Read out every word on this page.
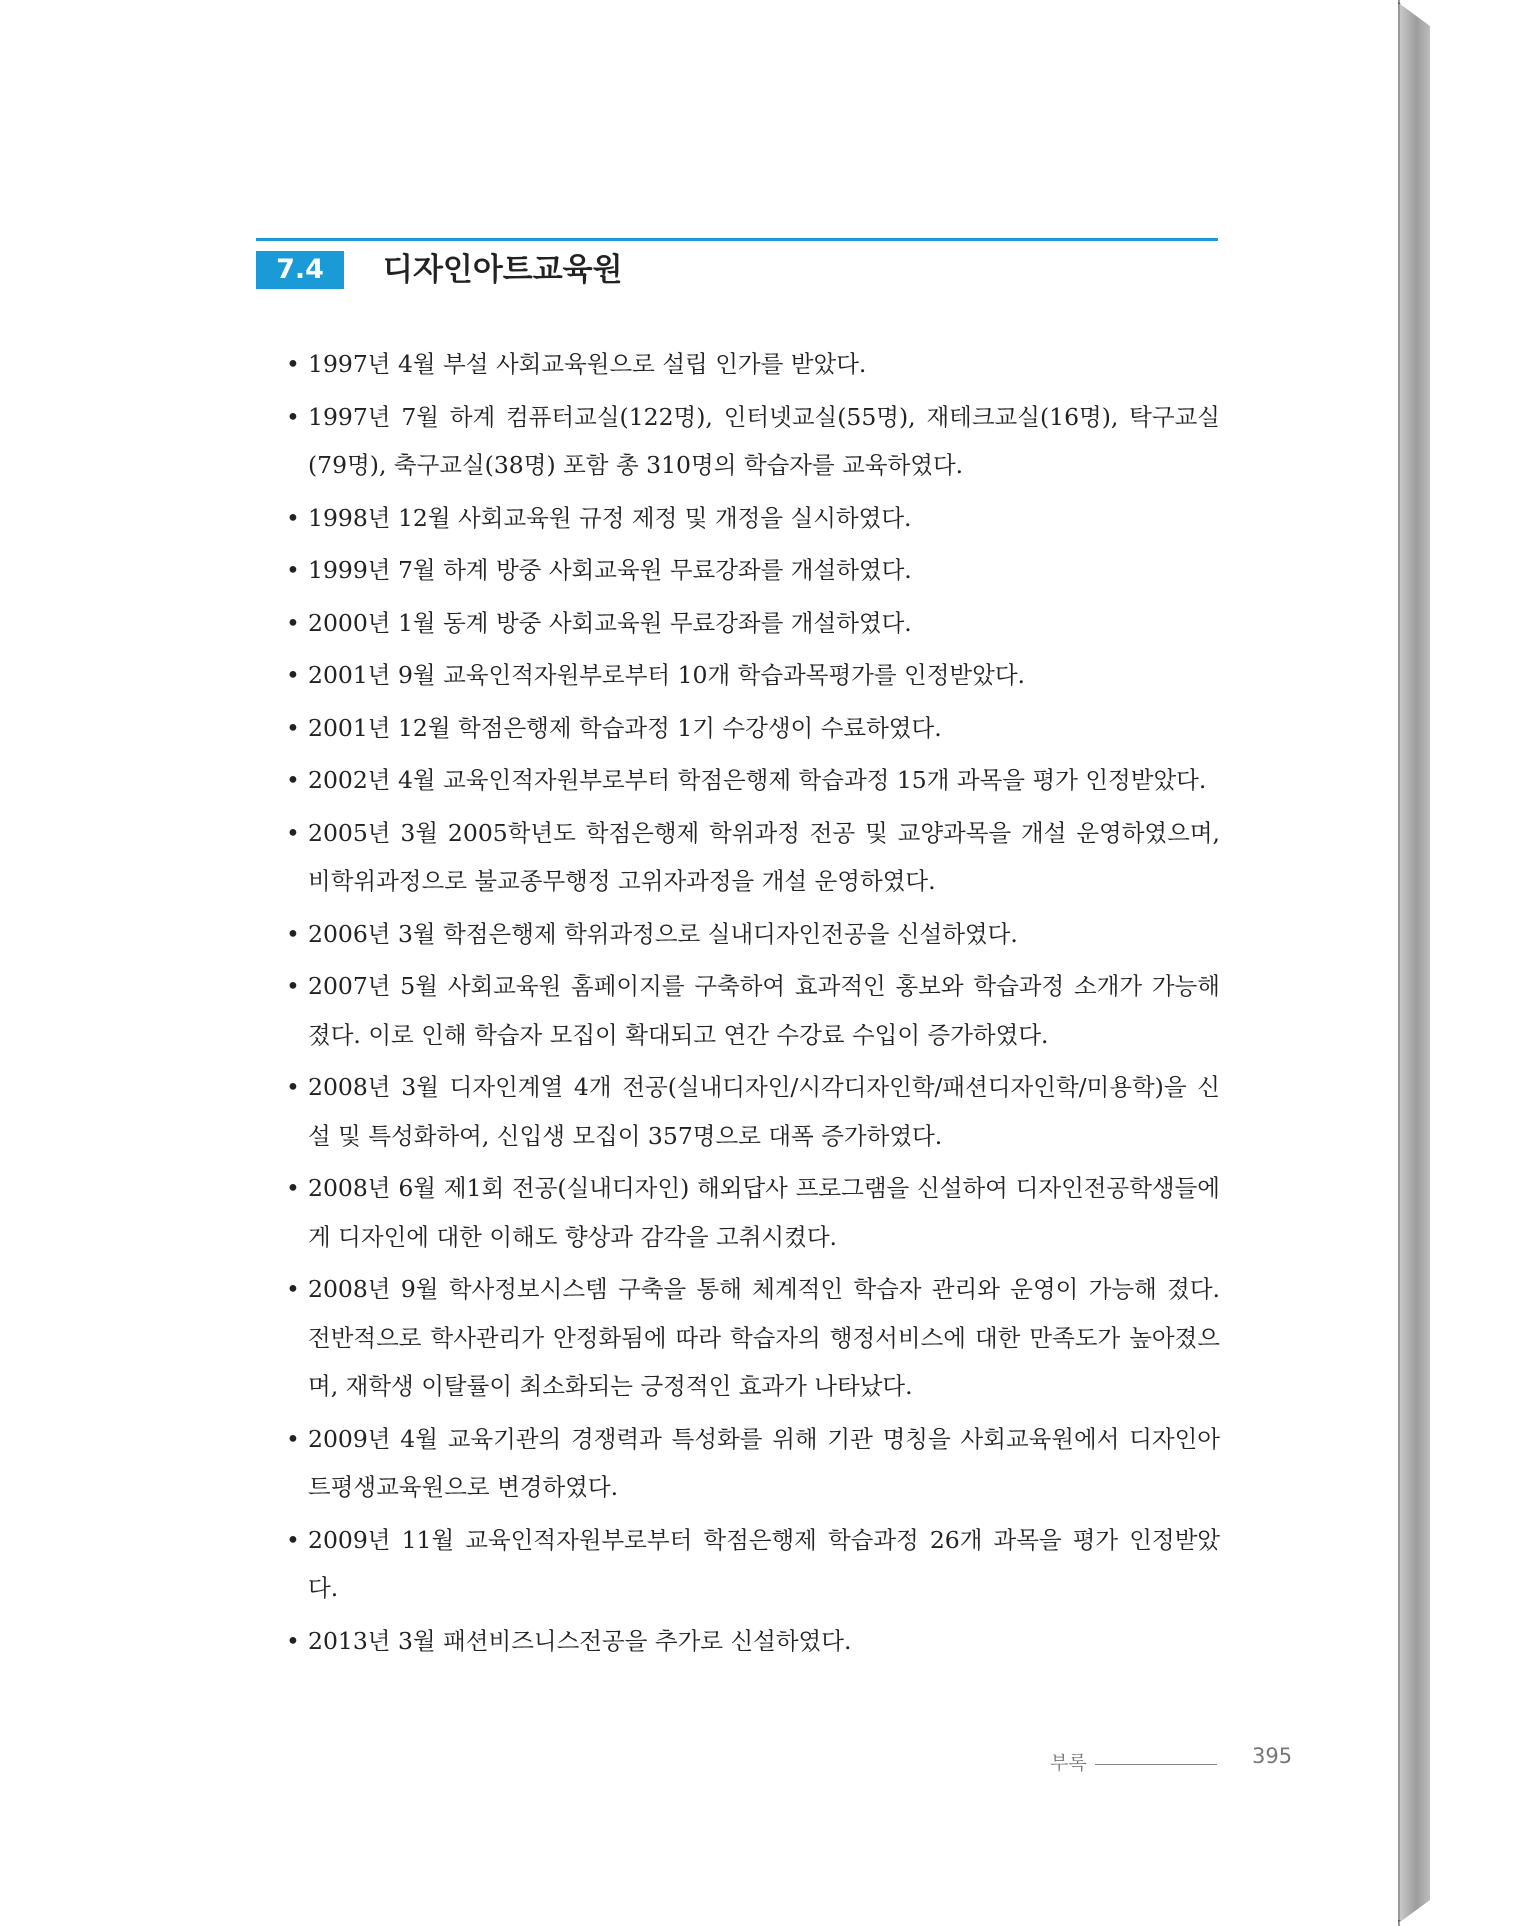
7.4	디자인아트교육원
• 1997년 4월 부설 사회교육원으로 설립 인가를 받았다.
• 1997년 7월 하계 컴퓨터교실(122명), 인터넷교실(55명), 재테크교실(16명), 탁구교실(79명), 축구교실(38명) 포함 총 310명의 학습자를 교육하였다.
• 1998년 12월 사회교육원 규정 제정 및 개정을 실시하였다.
• 1999년 7월 하계 방중 사회교육원 무료강좌를 개설하였다.
• 2000년 1월 동계 방중 사회교육원 무료강좌를 개설하였다.
• 2001년 9월 교육인적자원부로부터 10개 학습과목평가를 인정받았다.
• 2001년 12월 학점은행제 학습과정 1기 수강생이 수료하였다.
• 2002년 4월 교육인적자원부로부터 학점은행제 학습과정 15개 과목을 평가 인정받았다.
• 2005년 3월 2005학년도 학점은행제 학위과정 전공 및 교양과목을 개설 운영하였으며, 비학위과정으로 불교종무행정 고위자과정을 개설 운영하였다.
• 2006년 3월 학점은행제 학위과정으로 실내디자인전공을 신설하였다.
• 2007년 5월 사회교육원 홈페이지를 구축하여 효과적인 홍보와 학습과정 소개가 가능해졌다. 이로 인해 학습자 모집이 확대되고 연간 수강료 수입이 증가하였다.
• 2008년 3월 디자인계열 4개 전공(실내디자인/시각디자인학/패션디자인학/미용학)을 신설 및 특성화하여, 신입생 모집이 357명으로 대폭 증가하였다.
• 2008년 6월 제1회 전공(실내디자인) 해외답사 프로그램을 신설하여 디자인전공학생들에게 디자인에 대한 이해도 향상과 감각을 고취시켰다.
• 2008년 9월 학사정보시스템 구축을 통해 체계적인 학습자 관리와 운영이 가능해 졌다. 전반적으로 학사관리가 안정화됨에 따라 학습자의 행정서비스에 대한 만족도가 높아졌으며, 재학생 이탈률이 최소화되는 긍정적인 효과가 나타났다.
• 2009년 4월 교육기관의 경쟁력과 특성화를 위해 기관 명칭을 사회교육원에서 디자인아트평생교육원으로 변경하였다.
• 2009년 11월 교육인적자원부로부터 학점은행제 학습과정 26개 과목을 평가 인정받았다.
• 2013년 3월 패션비즈니스전공을 추가로 신설하였다.
부록	395
